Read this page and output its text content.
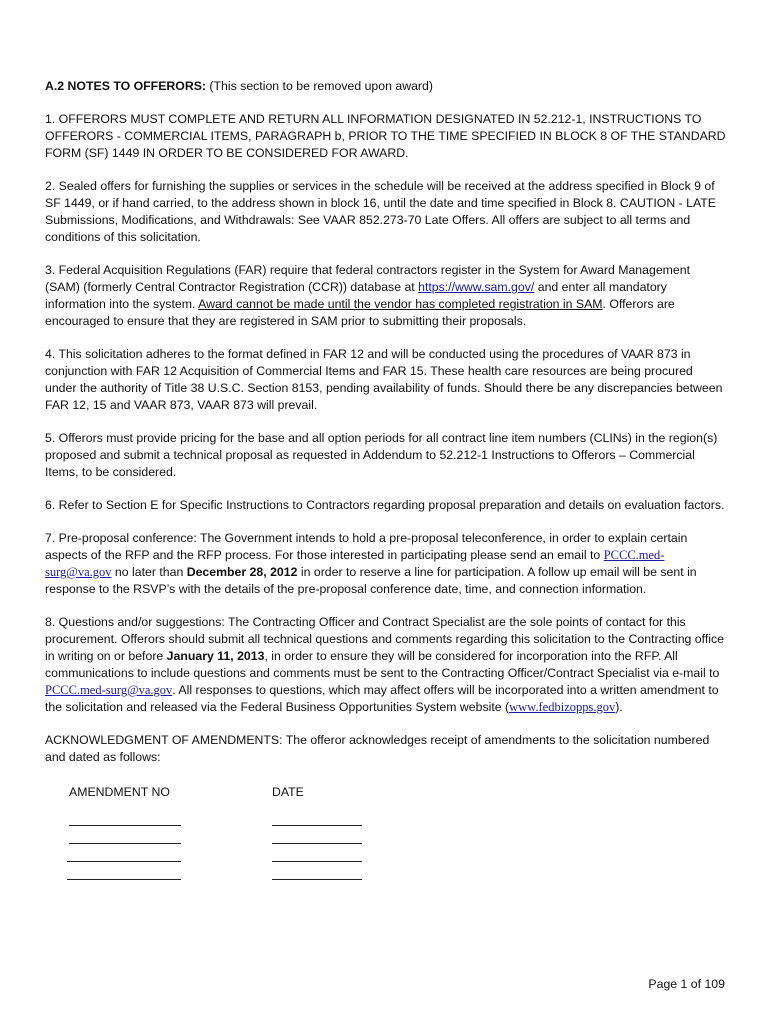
A.2 NOTES TO OFFERORS: (This section to be removed upon award)

1. OFFERORS MUST COMPLETE AND RETURN ALL INFORMATION DESIGNATED IN 52.212-1, INSTRUCTIONS TO OFFERORS - COMMERCIAL ITEMS, PARAGRAPH b, PRIOR TO THE TIME SPECIFIED IN BLOCK 8 OF THE STANDARD FORM (SF) 1449 IN ORDER TO BE CONSIDERED FOR AWARD.

2. Sealed offers for furnishing the supplies or services in the schedule will be received at the address specified in Block 9 of SF 1449, or if hand carried, to the address shown in block 16, until the date and time specified in Block 8. CAUTION - LATE Submissions, Modifications, and Withdrawals: See VAAR 852.273-70 Late Offers. All offers are subject to all terms and conditions of this solicitation.

3. Federal Acquisition Regulations (FAR) require that federal contractors register in the System for Award Management (SAM) (formerly Central Contractor Registration (CCR)) database at https://www.sam.gov/ and enter all mandatory information into the system. Award cannot be made until the vendor has completed registration in SAM. Offerors are encouraged to ensure that they are registered in SAM prior to submitting their proposals.

4. This solicitation adheres to the format defined in FAR 12 and will be conducted using the procedures of VAAR 873 in conjunction with FAR 12 Acquisition of Commercial Items and FAR 15. These health care resources are being procured under the authority of Title 38 U.S.C. Section 8153, pending availability of funds. Should there be any discrepancies between FAR 12, 15 and VAAR 873, VAAR 873 will prevail.

5. Offerors must provide pricing for the base and all option periods for all contract line item numbers (CLINs) in the region(s) proposed and submit a technical proposal as requested in Addendum to 52.212-1 Instructions to Offerors – Commercial Items, to be considered.

6. Refer to Section E for Specific Instructions to Contractors regarding proposal preparation and details on evaluation factors.

7. Pre-proposal conference: The Government intends to hold a pre-proposal teleconference, in order to explain certain aspects of the RFP and the RFP process. For those interested in participating please send an email to PCCC.med-surg@va.gov no later than December 28, 2012 in order to reserve a line for participation. A follow up email will be sent in response to the RSVP’s with the details of the pre-proposal conference date, time, and connection information.

8. Questions and/or suggestions: The Contracting Officer and Contract Specialist are the sole points of contact for this procurement. Offerors should submit all technical questions and comments regarding this solicitation to the Contracting office in writing on or before January 11, 2013, in order to ensure they will be considered for incorporation into the RFP. All communications to include questions and comments must be sent to the Contracting Officer/Contract Specialist via e-mail to PCCC.med-surg@va.gov. All responses to questions, which may affect offers will be incorporated into a written amendment to the solicitation and released via the Federal Business Opportunities System website (www.fedbizopps.gov).

ACKNOWLEDGMENT OF AMENDMENTS: The offeror acknowledges receipt of amendments to the solicitation numbered and dated as follows:

AMENDMENT NO	DATE
Page 1 of 109
